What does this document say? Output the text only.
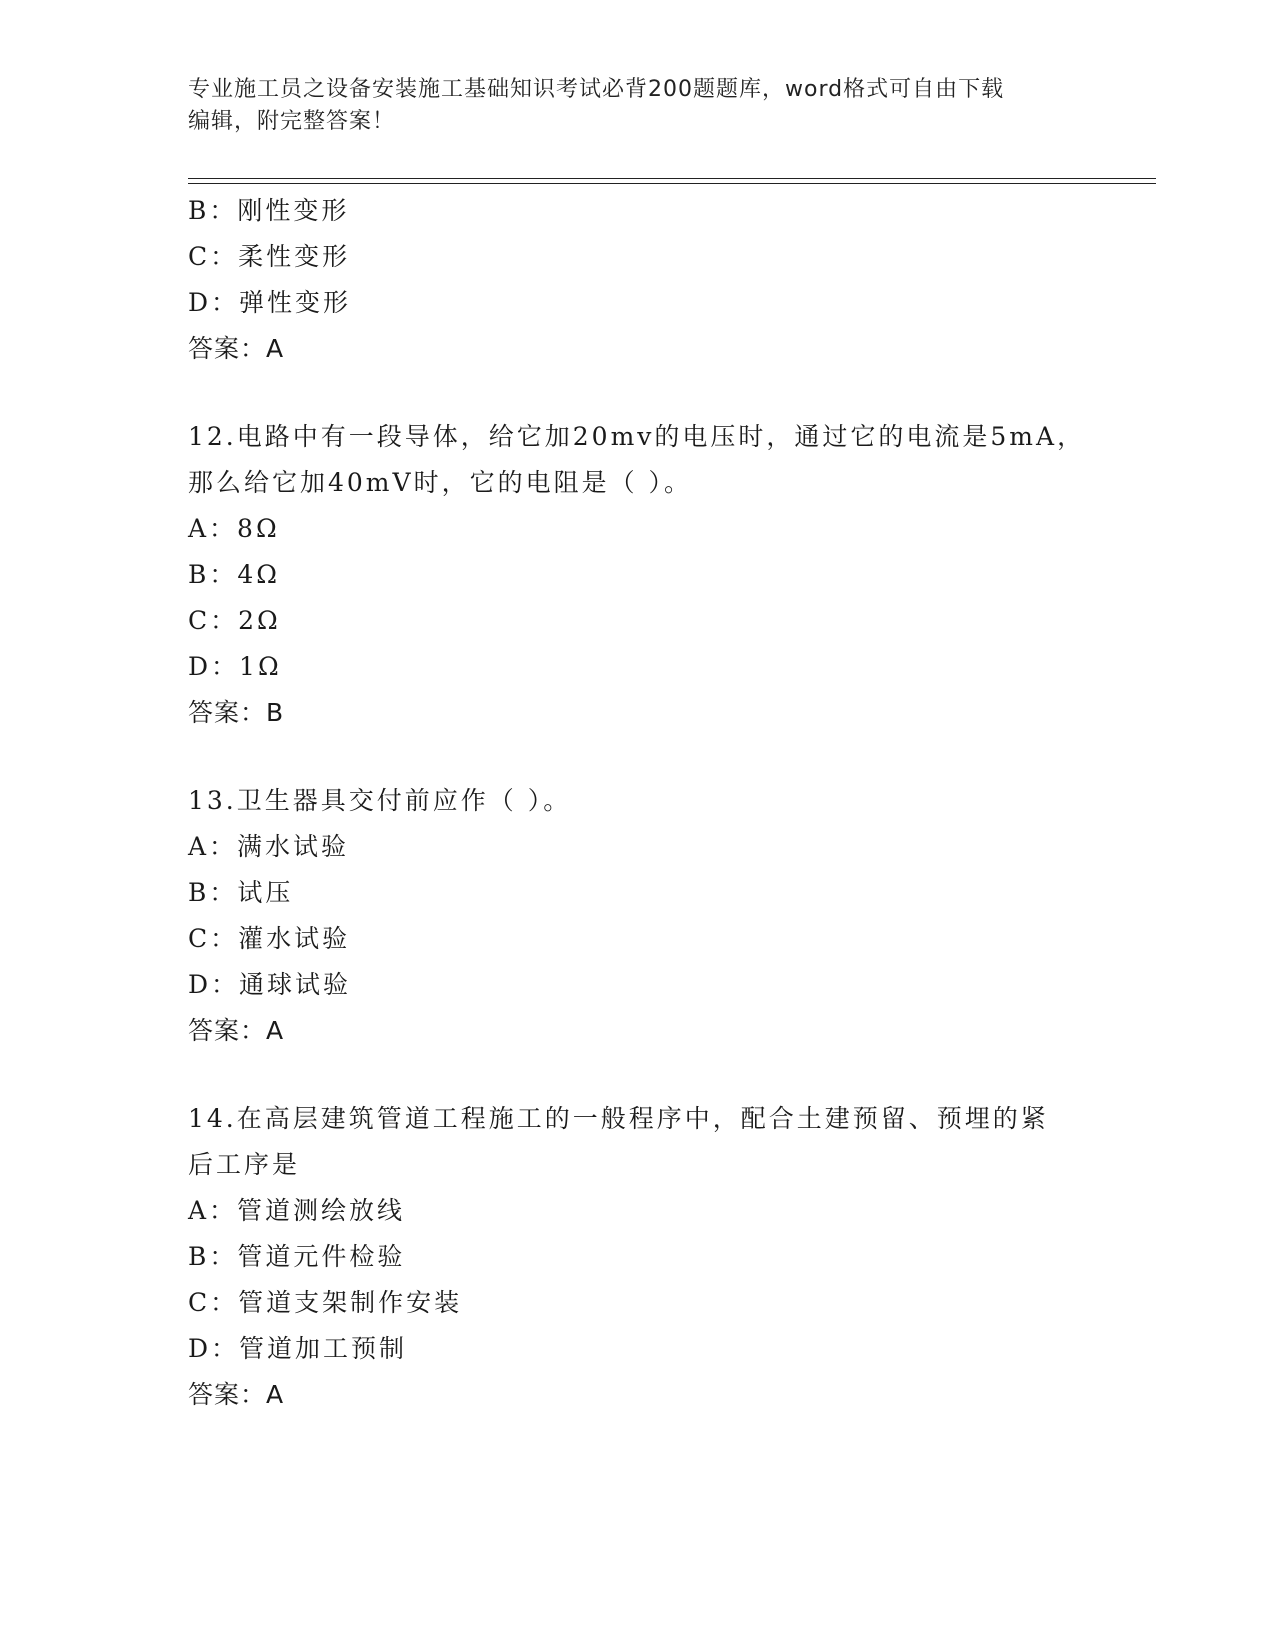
专业施工员之设备安装施工基础知识考试必背200题题库，word格式可自由下载
编辑，附完整答案！
B：刚性变形
C：柔性变形
D：弹性变形
答案：A
12.电路中有一段导体，给它加20mv的电压时，通过它的电流是5mA，
那么给它加40mV时，它的电阻是（ ）。
A：8Ω
B：4Ω
C：2Ω
D：1Ω
答案：B
13.卫生器具交付前应作（ ）。
A：满水试验
B：试压
C：灌水试验
D：通球试验
答案：A
14.在高层建筑管道工程施工的一般程序中，配合土建预留、预埋的紧
后工序是
A：管道测绘放线
B：管道元件检验
C：管道支架制作安装
D：管道加工预制
答案：A
